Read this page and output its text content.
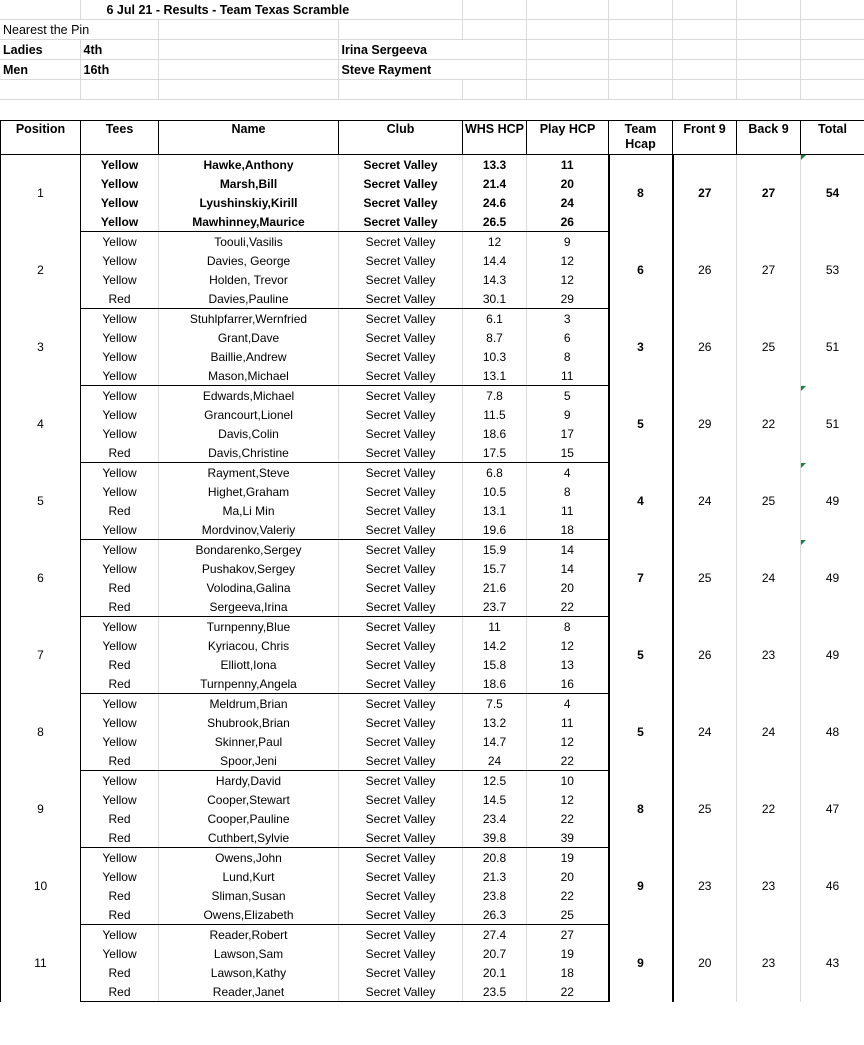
	6 Jul 21 - Results - Team Texas Scramble								
Nearest the Pin									
Ladies	4th		Irina Sergeeva						
Men	16th		Steve Rayment						

Position	Tees	Name	Club	WHS HCP	Play HCP	Team Hcap	Front 9	Back 9	Total
1	Yellow	Hawke,Anthony	Secret Valley	13.3	11	8	27	27	54
	Yellow	Marsh,Bill	Secret Valley	21.4	20				
	Yellow	Lyushinskiy,Kirill	Secret Valley	24.6	24				
	Yellow	Mawhinney,Maurice	Secret Valley	26.5	26				
2	Yellow	Toouli,Vasilis	Secret Valley	12	9	6	26	27	53
	Yellow	Davies, George	Secret Valley	14.4	12				
	Yellow	Holden, Trevor	Secret Valley	14.3	12				
	Red	Davies,Pauline	Secret Valley	30.1	29				
3	Yellow	Stuhlpfarrer,Wernfried	Secret Valley	6.1	3	3	26	25	51
	Yellow	Grant,Dave	Secret Valley	8.7	6				
	Yellow	Baillie,Andrew	Secret Valley	10.3	8				
	Yellow	Mason,Michael	Secret Valley	13.1	11				
4	Yellow	Edwards,Michael	Secret Valley	7.8	5	5	29	22	51
	Yellow	Grancourt,Lionel	Secret Valley	11.5	9				
	Yellow	Davis,Colin	Secret Valley	18.6	17				
	Red	Davis,Christine	Secret Valley	17.5	15				
5	Yellow	Rayment,Steve	Secret Valley	6.8	4	4	24	25	49
	Yellow	Highet,Graham	Secret Valley	10.5	8				
	Red	Ma,Li Min	Secret Valley	13.1	11				
	Yellow	Mordvinov,Valeriy	Secret Valley	19.6	18				
6	Yellow	Bondarenko,Sergey	Secret Valley	15.9	14	7	25	24	49
	Yellow	Pushakov,Sergey	Secret Valley	15.7	14				
	Red	Volodina,Galina	Secret Valley	21.6	20				
	Red	Sergeeva,Irina	Secret Valley	23.7	22				
7	Yellow	Turnpenny,Blue	Secret Valley	11	8	5	26	23	49
	Yellow	Kyriacou, Chris	Secret Valley	14.2	12				
	Red	Elliott,Iona	Secret Valley	15.8	13				
	Red	Turnpenny,Angela	Secret Valley	18.6	16				
8	Yellow	Meldrum,Brian	Secret Valley	7.5	4	5	24	24	48
	Yellow	Shubrook,Brian	Secret Valley	13.2	11				
	Yellow	Skinner,Paul	Secret Valley	14.7	12				
	Red	Spoor,Jeni	Secret Valley	24	22				
9	Yellow	Hardy,David	Secret Valley	12.5	10	8	25	22	47
	Yellow	Cooper,Stewart	Secret Valley	14.5	12				
	Red	Cooper,Pauline	Secret Valley	23.4	22				
	Red	Cuthbert,Sylvie	Secret Valley	39.8	39				
10	Yellow	Owens,John	Secret Valley	20.8	19	9	23	23	46
	Yellow	Lund,Kurt	Secret Valley	21.3	20				
	Red	Sliman,Susan	Secret Valley	23.8	22				
	Red	Owens,Elizabeth	Secret Valley	26.3	25				
11	Yellow	Reader,Robert	Secret Valley	27.4	27	9	20	23	43
	Yellow	Lawson,Sam	Secret Valley	20.7	19				
	Red	Lawson,Kathy	Secret Valley	20.1	18				
	Red	Reader,Janet	Secret Valley	23.5	22				
